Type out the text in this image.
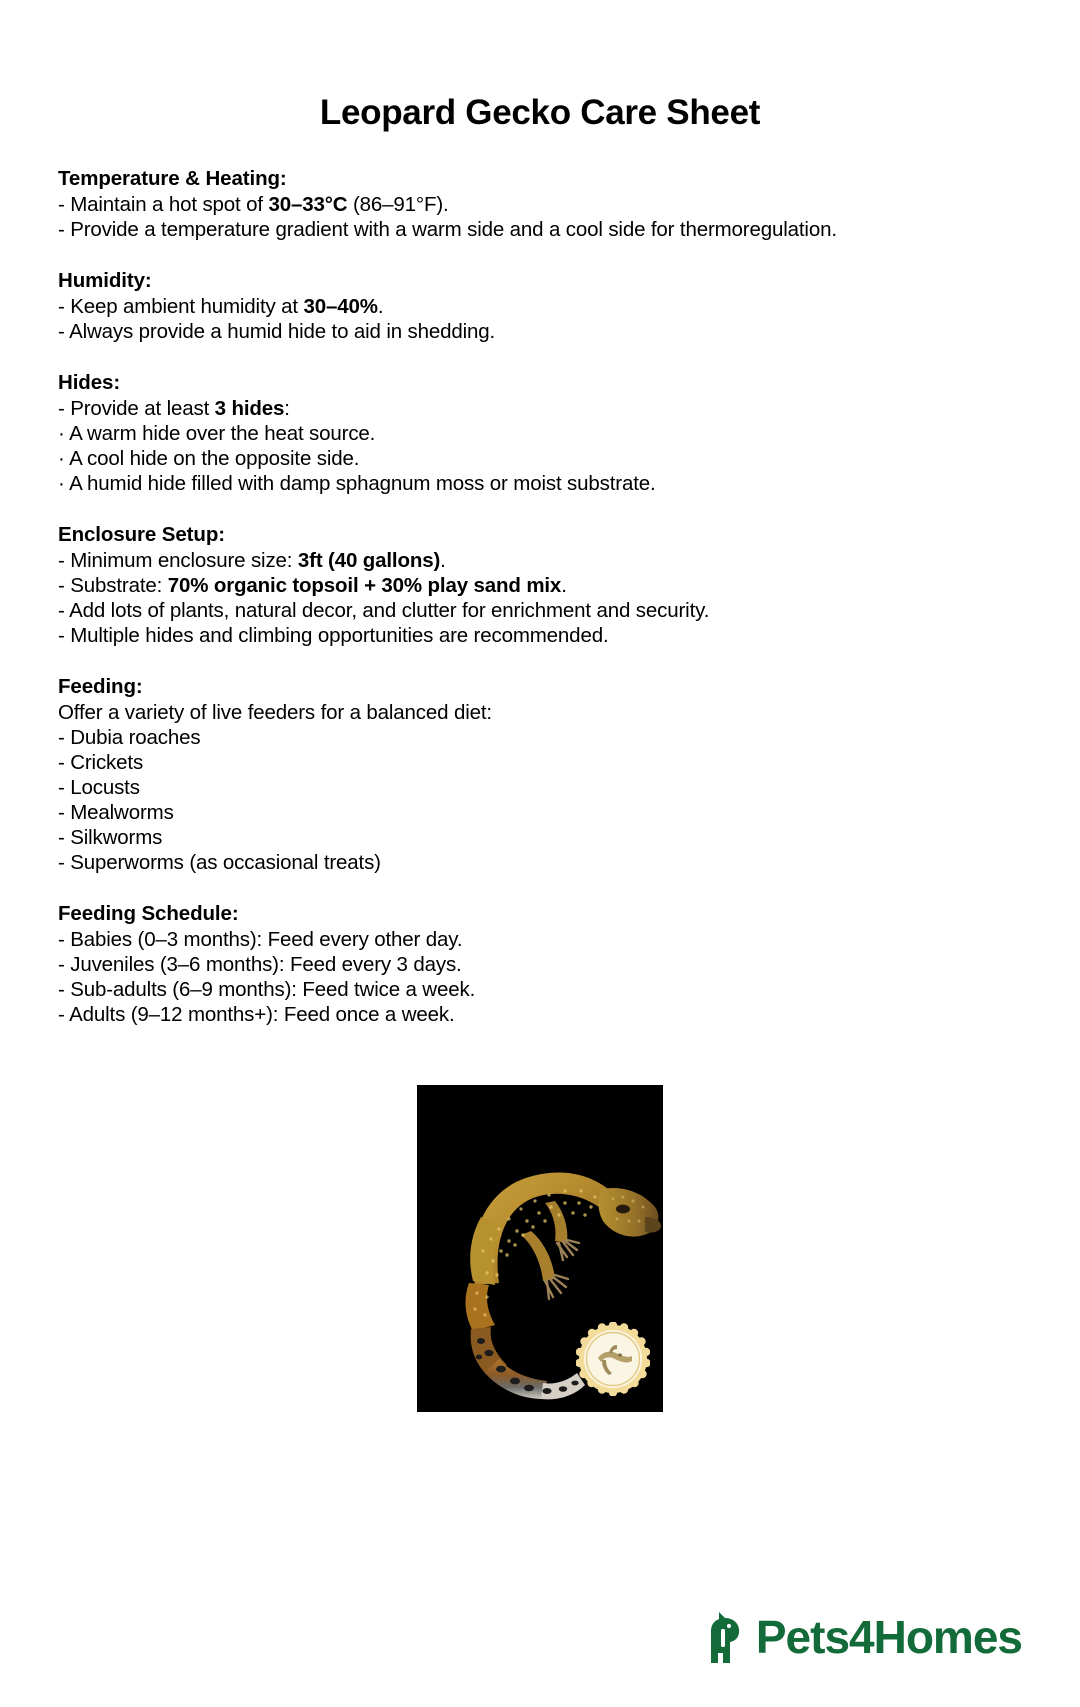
Leopard Gecko Care Sheet
Temperature & Heating:
- Maintain a hot spot of 30–33°C (86–91°F).
- Provide a temperature gradient with a warm side and a cool side for thermoregulation.
Humidity:
- Keep ambient humidity at 30–40%.
- Always provide a humid hide to aid in shedding.
Hides:
- Provide at least 3 hides:
· A warm hide over the heat source.
· A cool hide on the opposite side.
· A humid hide filled with damp sphagnum moss or moist substrate.
Enclosure Setup:
- Minimum enclosure size: 3ft (40 gallons).
- Substrate: 70% organic topsoil + 30% play sand mix.
- Add lots of plants, natural decor, and clutter for enrichment and security.
- Multiple hides and climbing opportunities are recommended.
Feeding:
Offer a variety of live feeders for a balanced diet:
- Dubia roaches
- Crickets
- Locusts
- Mealworms
- Silkworms
- Superworms (as occasional treats)
Feeding Schedule:
- Babies (0–3 months): Feed every other day.
- Juveniles (3–6 months): Feed every 3 days.
- Sub-adults (6–9 months): Feed twice a week.
- Adults (9–12 months+): Feed once a week.
Pets4Homes
